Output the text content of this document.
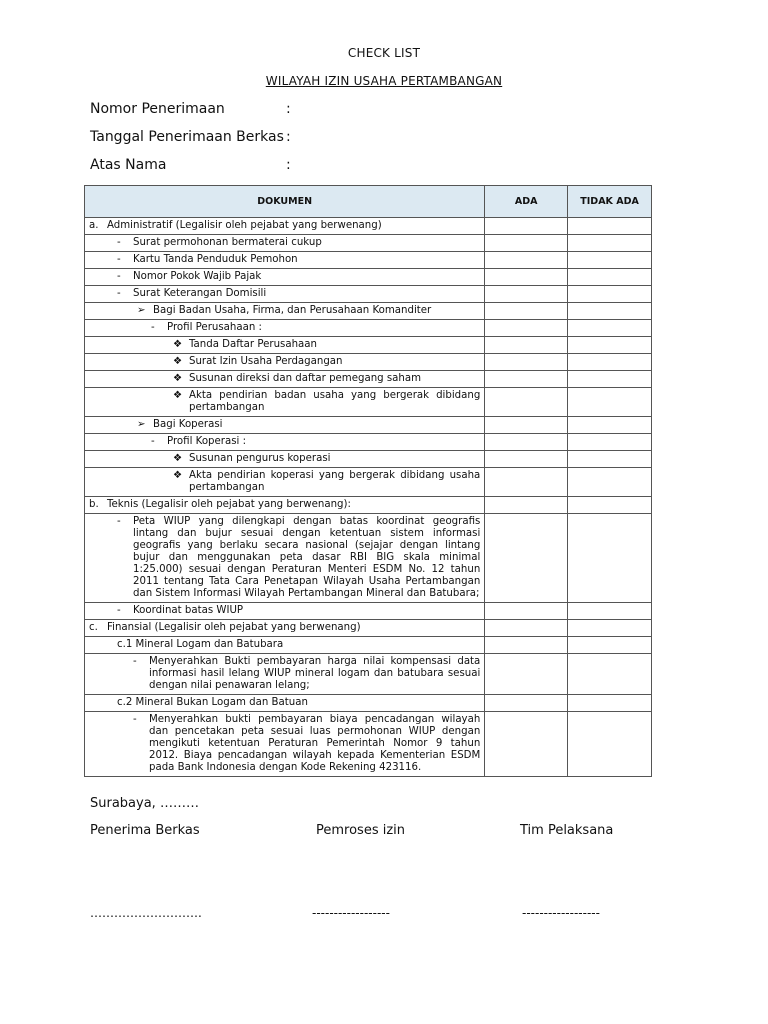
CHECK LIST
WILAYAH IZIN USAHA PERTAMBANGAN
Nomor Penerimaan	:
Tanggal Penerimaan Berkas :
Atas Nama	:
DOKUMEN	ADA	TIDAK ADA

a. Administratif (Legalisir oleh pejabat yang berwenang)		

- Surat permohonan bermaterai cukup		

- Kartu Tanda Penduduk Pemohon		

- Nomor Pokok Wajib Pajak		

- Surat Keterangan Domisili		

➢ Bagi Badan Usaha, Firma, dan Perusahaan Komanditer		

- Profil Perusahaan :		

❖ Tanda Daftar Perusahaan		

❖ Surat Izin Usaha Perdagangan		

❖ Susunan direksi dan daftar pemegang saham		

❖ Akta pendirian badan usaha yang bergerak dibidang pertambangan		

➢ Bagi Koperasi		

- Profil Koperasi :		

❖ Susunan pengurus koperasi		

❖ Akta pendirian koperasi yang bergerak dibidang usaha pertambangan		

b. Teknis (Legalisir oleh pejabat yang berwenang):		

- Peta WIUP yang dilengkapi dengan batas koordinat geografis lintang dan bujur sesuai dengan ketentuan sistem informasi geografis yang berlaku secara nasional (sejajar dengan lintang bujur dan menggunakan peta dasar RBI BIG skala minimal 1:25.000) sesuai dengan Peraturan Menteri ESDM No. 12 tahun 2011 tentang Tata Cara Penetapan Wilayah Usaha Pertambangan dan Sistem Informasi Wilayah Pertambangan Mineral dan Batubara;		

- Koordinat batas WIUP		

c. Finansial (Legalisir oleh pejabat yang berwenang)		

c.1 Mineral Logam dan Batubara		

- Menyerahkan Bukti pembayaran harga nilai kompensasi data informasi hasil lelang WIUP mineral logam dan batubara sesuai dengan nilai penawaran lelang;		

c.2 Mineral Bukan Logam dan Batuan		

- Menyerahkan bukti pembayaran biaya pencadangan wilayah dan pencetakan peta sesuai luas permohonan WIUP dengan mengikuti ketentuan Peraturan Pemerintah Nomor 9 tahun 2012. Biaya pencadangan wilayah kepada Kementerian ESDM pada Bank Indonesia dengan Kode Rekening 423116.		

Surabaya, ………
Penerima Berkas	Pemroses izin	Tim Pelaksana
……………………….	------------------	------------------
